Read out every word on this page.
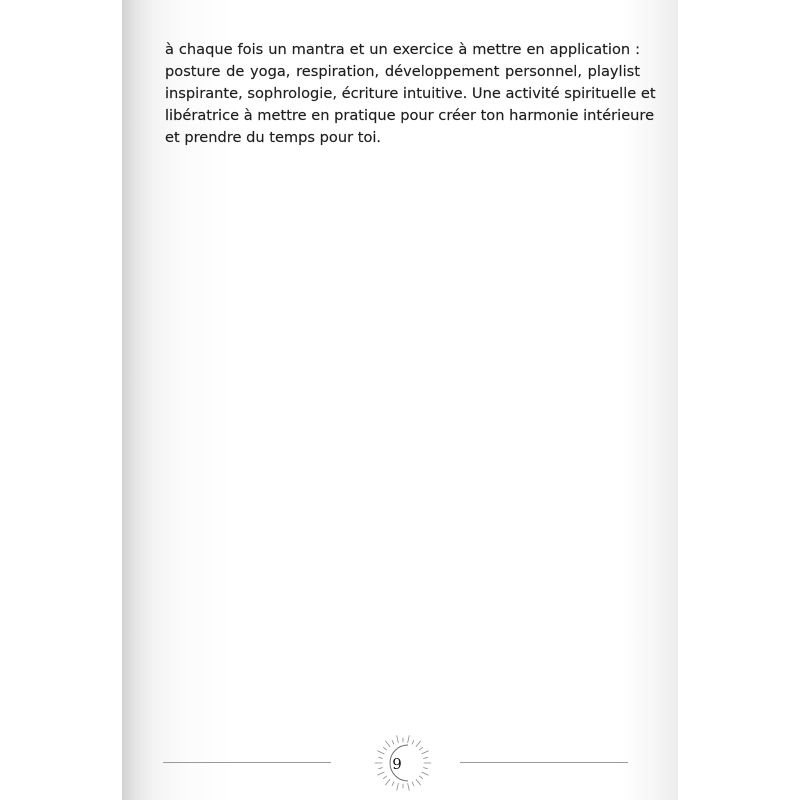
à chaque fois un mantra et un exercice à mettre en application :
posture de yoga, respiration, développement personnel, playlist
inspirante, sophrologie, écriture intuitive. Une activité spirituelle et
libératrice à mettre en pratique pour créer ton harmonie intérieure
et prendre du temps pour toi.
9
